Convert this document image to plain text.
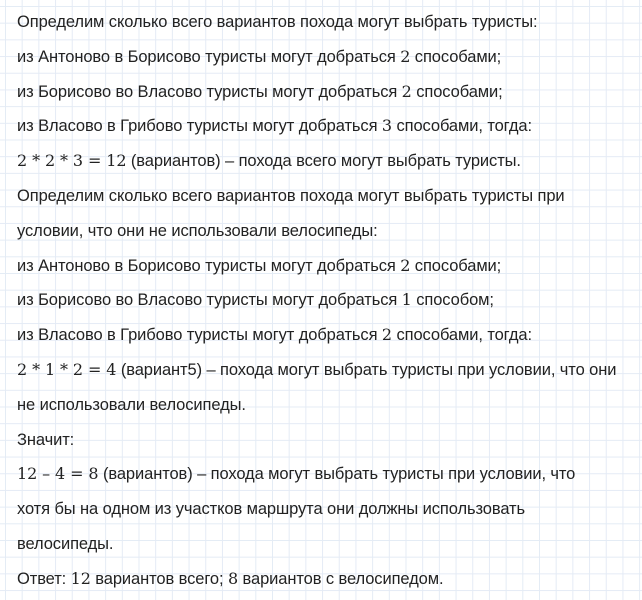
Определим сколько всего вариантов похода могут выбрать туристы:
из Антоново в Борисово туристы могут добраться 2 способами;
из Борисово во Власово туристы могут добраться 2 способами;
из Власово в Грибово туристы могут добраться 3 способами, тогда:
2 * 2 * 3 = 12 (вариантов) – похода всего могут выбрать туристы.
Определим сколько всего вариантов похода могут выбрать туристы при
условии, что они не использовали велосипеды:
из Антоново в Борисово туристы могут добраться 2 способами;
из Борисово во Власово туристы могут добраться 1 способом;
из Власово в Грибово туристы могут добраться 2 способами, тогда:
2 * 1 * 2 = 4 (вариант5) – похода могут выбрать туристы при условии, что они
не использовали велосипеды.
Значит:
12 – 4 = 8 (вариантов) – похода могут выбрать туристы при условии, что
хотя бы на одном из участков маршрута они должны использовать
велосипеды.
Ответ: 12 вариантов всего; 8 вариантов с велосипедом.
